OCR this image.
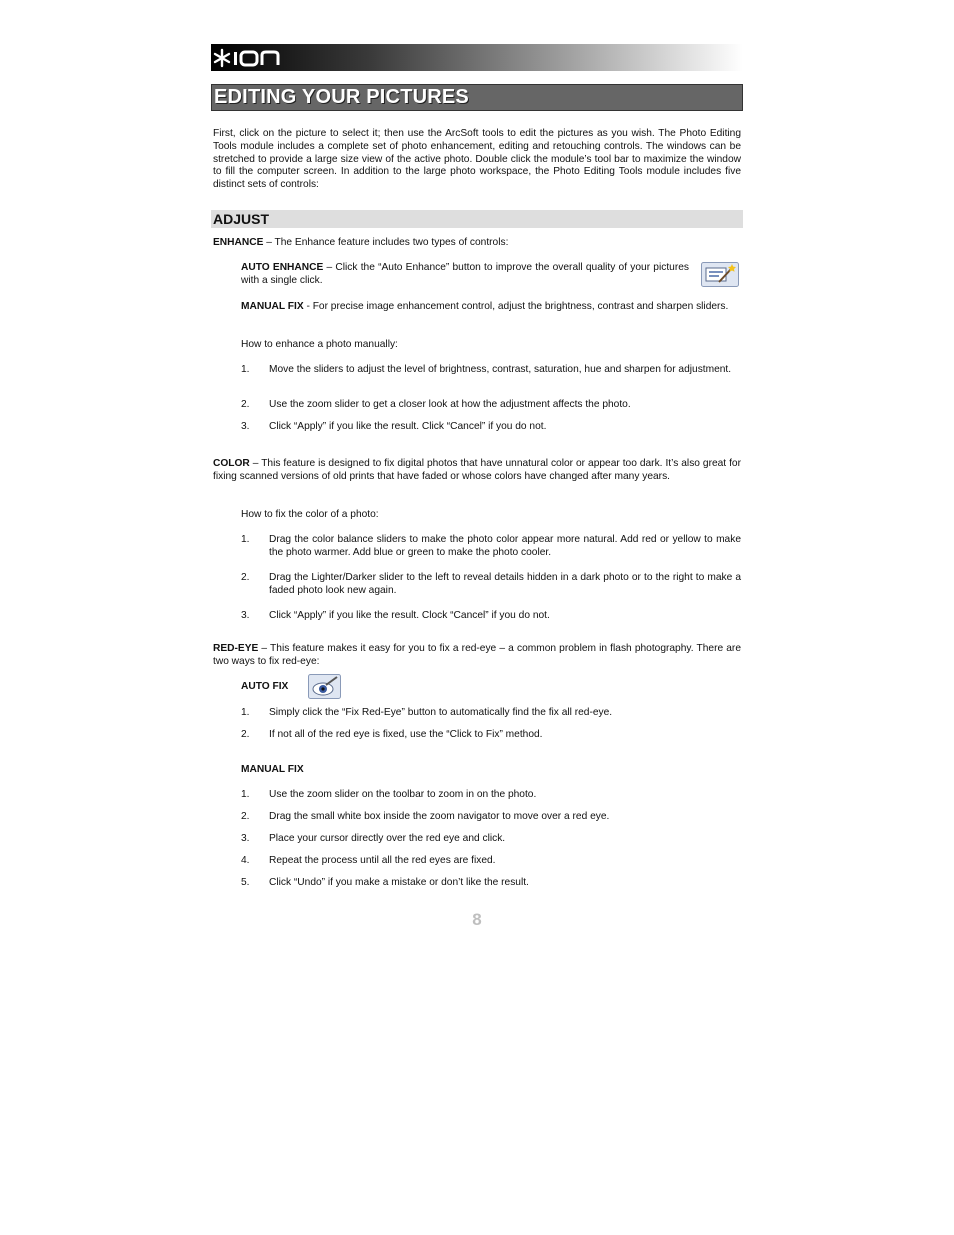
EDITING YOUR PICTURES
First, click on the picture to select it; then use the ArcSoft tools to edit the pictures as you wish. The Photo Editing Tools module includes a complete set of photo enhancement, editing and retouching controls. The windows can be stretched to provide a large size view of the active photo. Double click the module’s tool bar to maximize the window to fill the computer screen. In addition to the large photo workspace, the Photo Editing Tools module includes five distinct sets of controls:
ADJUST
ENHANCE – The Enhance feature includes two types of controls:
AUTO ENHANCE – Click the “Auto Enhance” button to improve the overall quality of your pictures with a single click.
MANUAL FIX - For precise image enhancement control, adjust the brightness, contrast and sharpen sliders.
How to enhance a photo manually:
1. Move the sliders to adjust the level of brightness, contrast, saturation, hue and sharpen for adjustment.
2. Use the zoom slider to get a closer look at how the adjustment affects the photo.
3. Click “Apply” if you like the result. Click “Cancel” if you do not.
COLOR – This feature is designed to fix digital photos that have unnatural color or appear too dark. It’s also great for fixing scanned versions of old prints that have faded or whose colors have changed after many years.
How to fix the color of a photo:
1. Drag the color balance sliders to make the photo color appear more natural. Add red or yellow to make the photo warmer. Add blue or green to make the photo cooler.
2. Drag the Lighter/Darker slider to the left to reveal details hidden in a dark photo or to the right to make a faded photo look new again.
3. Click “Apply” if you like the result. Clock “Cancel” if you do not.
RED-EYE – This feature makes it easy for you to fix a red-eye – a common problem in flash photography. There are two ways to fix red-eye:
AUTO FIX
1. Simply click the “Fix Red-Eye” button to automatically find the fix all red-eye.
2. If not all of the red eye is fixed, use the “Click to Fix” method.
MANUAL FIX
1. Use the zoom slider on the toolbar to zoom in on the photo.
2. Drag the small white box inside the zoom navigator to move over a red eye.
3. Place your cursor directly over the red eye and click.
4. Repeat the process until all the red eyes are fixed.
5. Click “Undo” if you make a mistake or don’t like the result.
8
